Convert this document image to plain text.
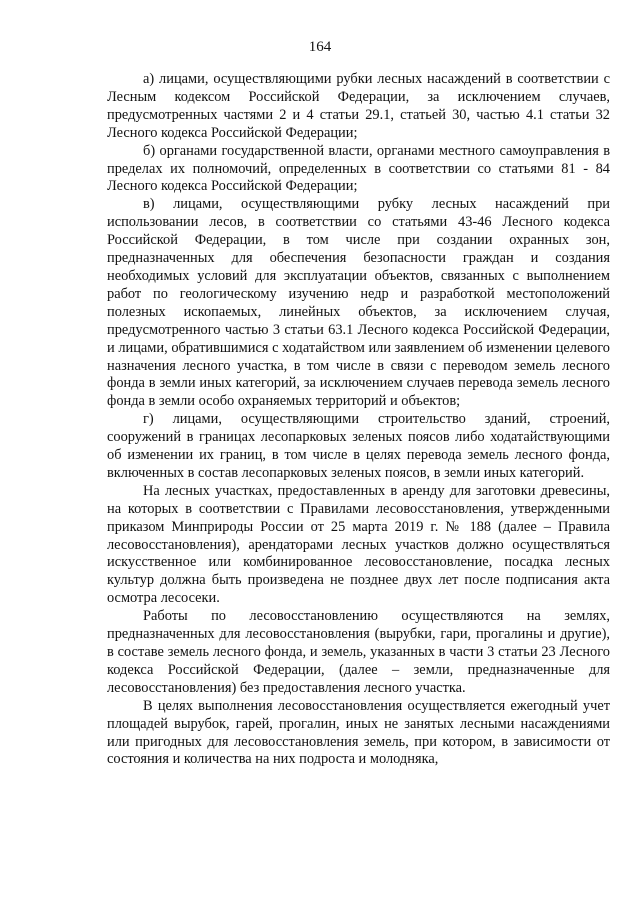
164

а) лицами, осуществляющими рубки лесных насаждений в соответствии с Лесным кодексом Российской Федерации, за исключением случаев, предусмотренных частями 2 и 4 статьи 29.1, статьей 30, частью 4.1 статьи 32 Лесного кодекса Российской Федерации;

б) органами государственной власти, органами местного самоуправления в пределах их полномочий, определенных в соответствии со статьями 81 - 84 Лесного кодекса Российской Федерации;

в) лицами, осуществляющими рубку лесных насаждений при использовании лесов, в соответствии со статьями 43-46 Лесного кодекса Российской Федерации, в том числе при создании охранных зон, предназначенных для обеспечения безопасности граждан и создания необходимых условий для эксплуатации объектов, связанных с выполнением работ по геологическому изучению недр и разработкой местоположений полезных ископаемых, линейных объектов, за исключением случая, предусмотренного частью 3 статьи 63.1 Лесного кодекса Российской Федерации, и лицами, обратившимися с ходатайством или заявлением об изменении целевого назначения лесного участка, в том числе в связи с переводом земель лесного фонда в земли иных категорий, за исключением случаев перевода земель лесного фонда в земли особо охраняемых территорий и объектов;

г) лицами, осуществляющими строительство зданий, строений, сооружений в границах лесопарковых зеленых поясов либо ходатайствующими об изменении их границ, в том числе в целях перевода земель лесного фонда, включенных в состав лесопарковых зеленых поясов, в земли иных категорий.

На лесных участках, предоставленных в аренду для заготовки древесины, на которых в соответствии с Правилами лесовосстановления, утвержденными приказом Минприроды России от 25 марта 2019 г. № 188 (далее – Правила лесовосстановления), арендаторами лесных участков должно осуществляться искусственное или комбинированное лесовосстановление, посадка лесных культур должна быть произведена не позднее двух лет после подписания акта осмотра лесосеки.

Работы по лесовосстановлению осуществляются на землях, предназначенных для лесовосстановления (вырубки, гари, прогалины и другие), в составе земель лесного фонда, и земель, указанных в части 3 статьи 23 Лесного кодекса Российской Федерации, (далее – земли, предназначенные для лесовосстановления) без предоставления лесного участка.

В целях выполнения лесовосстановления осуществляется ежегодный учет площадей вырубок, гарей, прогалин, иных не занятых лесными насаждениями или пригодных для лесовосстановления земель, при котором, в зависимости от состояния и количества на них подроста и молодняка,
